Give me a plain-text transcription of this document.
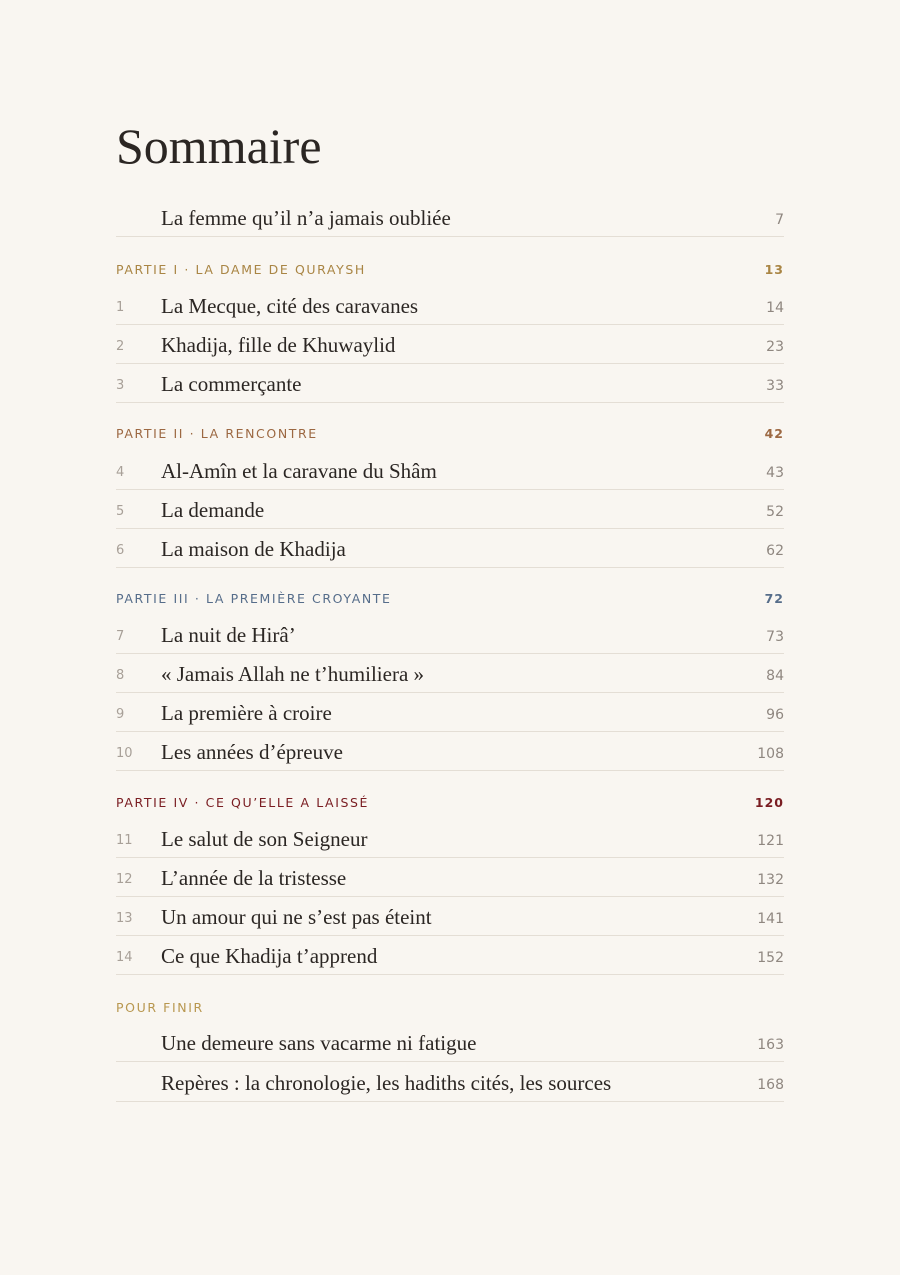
Sommaire
La femme qu’il n’a jamais oubliée	7
PARTIE I · LA DAME DE QURAYSH	13
1 La Mecque, cité des caravanes	14
2 Khadija, fille de Khuwaylid	23
3 La commerçante	33
PARTIE II · LA RENCONTRE	42
4 Al-Amîn et la caravane du Shâm	43
5 La demande	52
6 La maison de Khadija	62
PARTIE III · LA PREMIÈRE CROYANTE	72
7 La nuit de Hirâ’	73
8 « Jamais Allah ne t’humiliera »	84
9 La première à croire	96
10 Les années d’épreuve	108
PARTIE IV · CE QU’ELLE A LAISSÉ	120
11 Le salut de son Seigneur	121
12 L’année de la tristesse	132
13 Un amour qui ne s’est pas éteint	141
14 Ce que Khadija t’apprend	152
POUR FINIR
Une demeure sans vacarme ni fatigue	163
Repères : la chronologie, les hadiths cités, les sources	168
